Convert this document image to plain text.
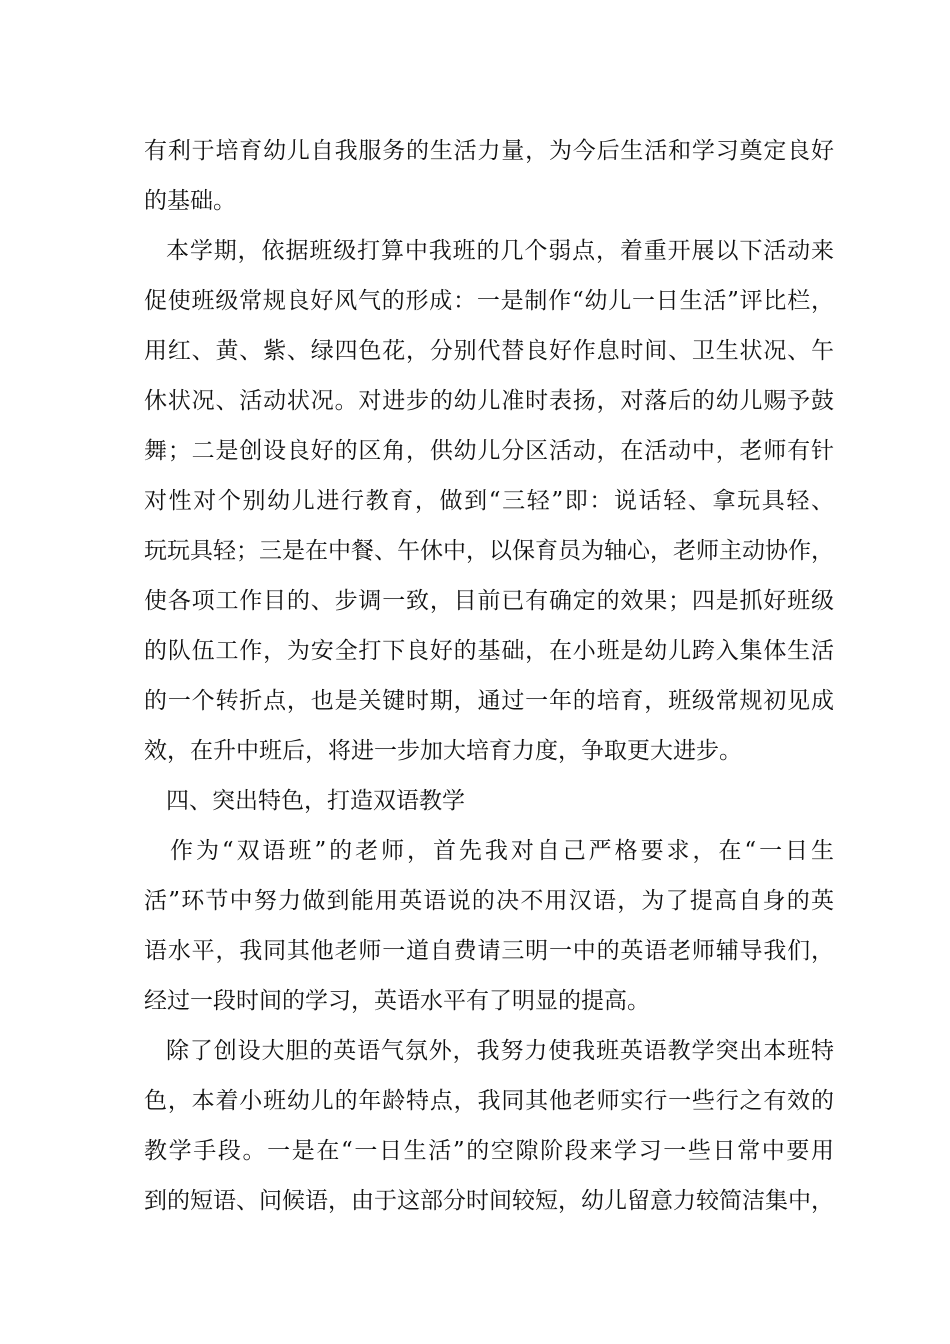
有利于培育幼儿自我服务的生活力量，为今后生活和学习奠定良好
的基础。
本学期，依据班级打算中我班的几个弱点，着重开展以下活动来
促使班级常规良好风气的形成：一是制作“幼儿一日生活”评比栏，
用红、黄、紫、绿四色花，分别代替良好作息时间、卫生状况、午
休状况、活动状况。对进步的幼儿准时表扬，对落后的幼儿赐予鼓
舞；二是创设良好的区角，供幼儿分区活动，在活动中，老师有针
对性对个别幼儿进行教育，做到“三轻”即：说话轻、拿玩具轻、
玩玩具轻；三是在中餐、午休中，以保育员为轴心，老师主动协作，
使各项工作目的、步调一致，目前已有确定的效果；四是抓好班级
的队伍工作，为安全打下良好的基础，在小班是幼儿跨入集体生活
的一个转折点，也是关键时期，通过一年的培育，班级常规初见成
效，在升中班后，将进一步加大培育力度，争取更大进步。
四、突出特色，打造双语教学
作为“双语班”的老师，首先我对自己严格要求，在“一日生
活”环节中努力做到能用英语说的决不用汉语，为了提高自身的英
语水平，我同其他老师一道自费请三明一中的英语老师辅导我们，
经过一段时间的学习，英语水平有了明显的提高。
除了创设大胆的英语气氛外，我努力使我班英语教学突出本班特
色，本着小班幼儿的年龄特点，我同其他老师实行一些行之有效的
教学手段。一是在“一日生活”的空隙阶段来学习一些日常中要用
到的短语、问候语，由于这部分时间较短，幼儿留意力较简洁集中，
